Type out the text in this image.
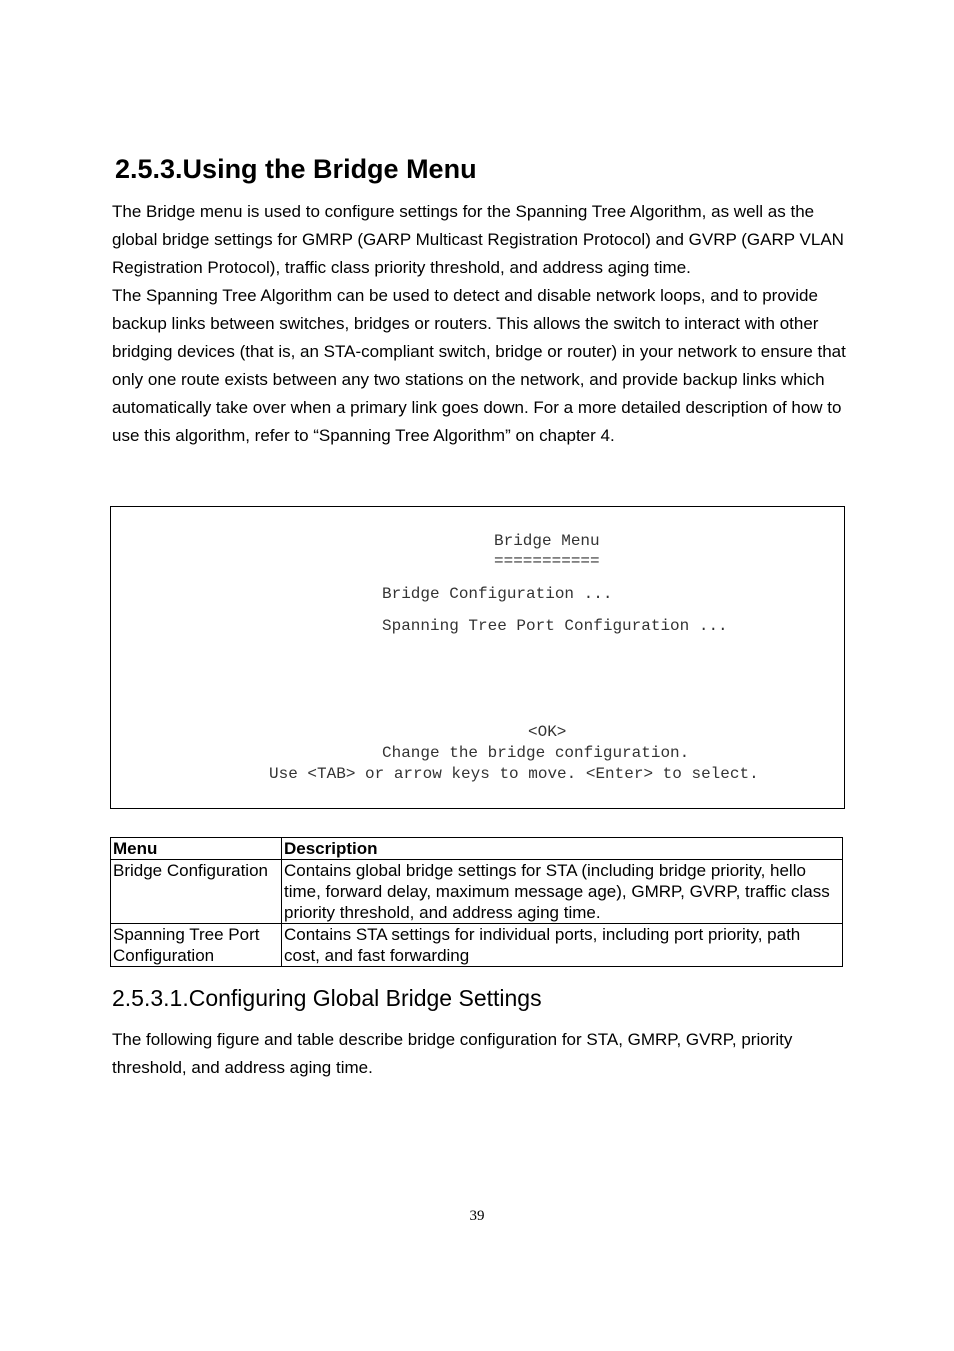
2.5.3.Using the Bridge Menu

The Bridge menu is used to configure settings for the Spanning Tree Algorithm, as well as the global bridge settings for GMRP (GARP Multicast Registration Protocol) and GVRP (GARP VLAN Registration Protocol), traffic class priority threshold, and address aging time.

The Spanning Tree Algorithm can be used to detect and disable network loops, and to provide backup links between switches, bridges or routers. This allows the switch to interact with other bridging devices (that is, an STA-compliant switch, bridge or router) in your network to ensure that only one route exists between any two stations on the network, and provide backup links which automatically take over when a primary link goes down. For a more detailed description of how to use this algorithm, refer to “Spanning Tree Algorithm” on chapter 4.

Bridge Menu
===========
Bridge Configuration ...
Spanning Tree Port Configuration ...
<OK>
Change the bridge configuration.
Use <TAB> or arrow keys to move. <Enter> to select.
Menu	Description
Bridge Configuration	Contains global bridge settings for STA (including bridge priority, hello time, forward delay, maximum message age), GMRP, GVRP, traffic class priority threshold, and address aging time.
Spanning Tree Port Configuration	Contains STA settings for individual ports, including port priority, path cost, and fast forwarding
2.5.3.1.Configuring Global Bridge Settings

The following figure and table describe bridge configuration for STA, GMRP, GVRP, priority threshold, and address aging time.

39
